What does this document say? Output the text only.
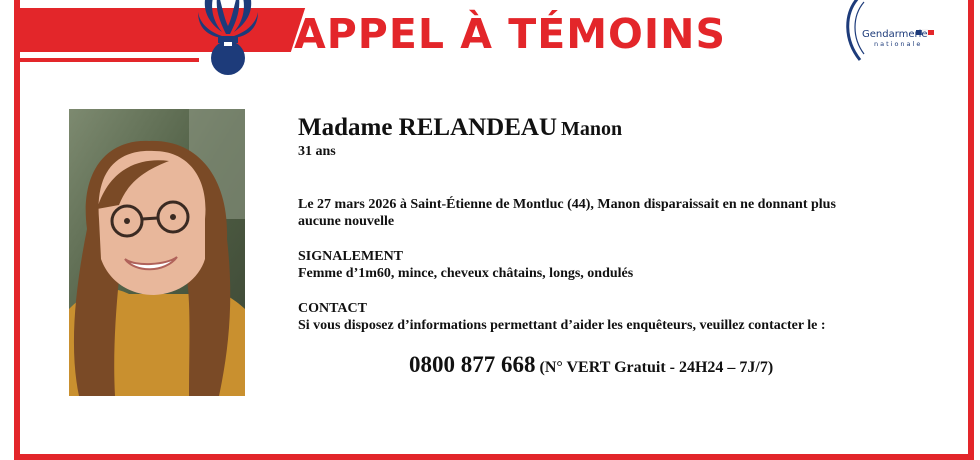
APPEL À TÉMOINS	Gendarmerie
nationale
Madame RELANDEAU Manon
31 ans
Le 27 mars 2026 à Saint-Étienne de Montluc (44), Manon disparaissait en ne donnant plus
aucune nouvelle
SIGNALEMENT
Femme d’1m60, mince, cheveux châtains, longs, ondulés
CONTACT
Si vous disposez d’informations permettant d’aider les enquêteurs, veuillez contacter le :
0800 877 668 (N° VERT Gratuit - 24H24 – 7J/7)
